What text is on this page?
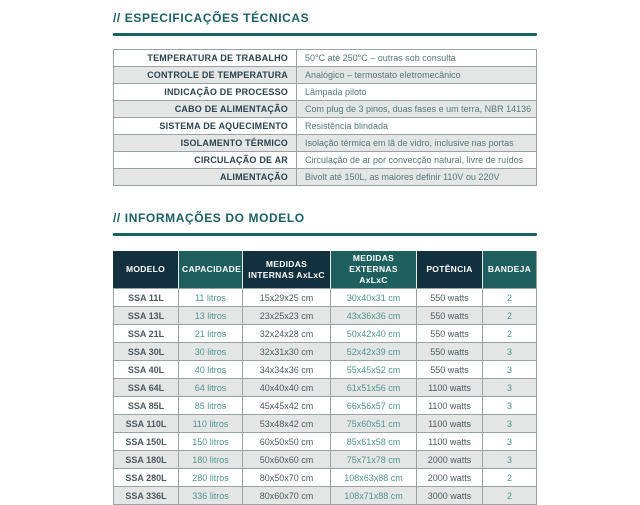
// ESPECIFICAÇÕES TÉCNICAS
TEMPERATURA DE TRABALHO	50°C até 250°C – outras sob consulta
CONTROLE DE TEMPERATURA	Analógico – termostato eletromecânico
INDICAÇÃO DE PROCESSO	Lâmpada piloto
CABO DE ALIMENTAÇÃO	Com plug de 3 pinos, duas fases e um terra, NBR 14136
SISTEMA DE AQUECIMENTO	Resistência blindada
ISOLAMENTO TÉRMICO	Isolação térmica em lã de vidro, inclusive nas portas
CIRCULAÇÃO DE AR	Circulação de ar por convecção natural, livre de ruídos
ALIMENTAÇÃO	Bivolt até 150L, as maiores definir 110V ou 220V
// INFORMAÇÕES DO MODELO
MODELO	CAPACIDADE	MEDIDAS INTERNAS AxLxC	MEDIDAS EXTERNAS AxLxC	POTÊNCIA	BANDEJA
SSA 11L	11 litros	15x29x25 cm	30x40x31 cm	550 watts	2
SSA 13L	13 litros	23x25x23 cm	43x36x36 cm	550 watts	2
SSA 21L	21 litros	32x24x28 cm	50x42x40 cm	550 watts	2
SSA 30L	30 litros	32x31x30 cm	52x42x39 cm	550 watts	3
SSA 40L	40 litros	34x34x36 cm	55x45x52 cm	550 watts	3
SSA 64L	64 litros	40x40x40 cm	61x51x56 cm	1100 watts	3
SSA 85L	85 litros	45x45x42 cm	66x56x57 cm	1100 watts	3
SSA 110L	110 litros	53x48x42 cm	75x60x51 cm	1100 watts	3
SSA 150L	150 litros	60x50x50 cm	85x61x58 cm	1100 watts	3
SSA 180L	180 litros	50x60x60 cm	75x71x78 cm	2000 watts	3
SSA 280L	280 litros	80x50x70 cm	108x63x88 cm	2000 watts	2
SSA 336L	336 litros	80x60x70 cm	108x71x88 cm	3000 watts	2
